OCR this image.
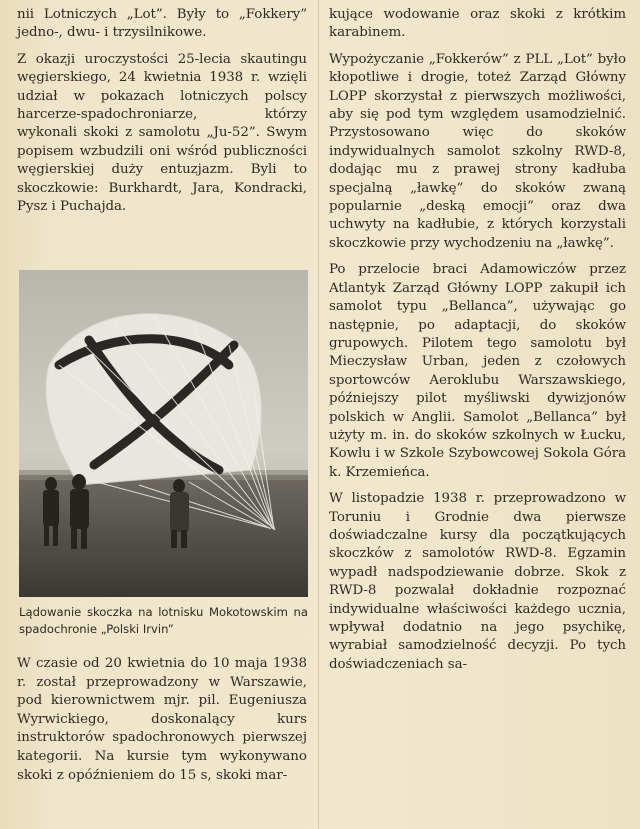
nii Lotniczych „Lot”. Były to „Fokkery” jedno-, dwu- i trzysilnikowe.

Z okazji uroczystości 25-lecia skautingu węgierskiego, 24 kwietnia 1938 r. wzięli udział w pokazach lotniczych polscy harcerze-spadochroniarze, którzy wykonali skoki z samolotu „Ju-52”. Swym popisem wzbudzili oni wśród publiczności węgierskiej duży entuzjazm. Byli to skoczkowie: Burkhardt, Jara, Kondracki, Pysz i Puchajda.

Lądowanie skoczka na lotnisku Mokotowskim na spadochronie „Polski Irvin”

W czasie od 20 kwietnia do 10 maja 1938 r. został przeprowadzony w Warszawie, pod kierownictwem mjr. pil. Eugeniusza Wyrwickiego, doskonalący kurs instruktorów spadochronowych pierwszej kategorii. Na kursie tym wykonywano skoki z opóźnieniem do 15 s, skoki mar-

kujące wodowanie oraz skoki z krótkim karabinem.

Wypożyczanie „Fokkerów” z PLL „Lot” było kłopotliwe i drogie, toteż Zarząd Główny LOPP skorzystał z pierwszych możliwości, aby się pod tym względem usamodzielnić. Przystosowano więc do skoków indywidualnych samolot szkolny RWD-8, dodając mu z prawej strony kadłuba specjalną „ławkę” do skoków zwaną popularnie „deską emocji” oraz dwa uchwyty na kadłubie, z których korzystali skoczkowie przy wychodzeniu na „ławkę”.

Po przelocie braci Adamowiczów przez Atlantyk Zarząd Główny LOPP zakupił ich samolot typu „Bellanca”, używając go następnie, po adaptacji, do skoków grupowych. Pilotem tego samolotu był Mieczysław Urban, jeden z czołowych sportowców Aeroklubu Warszawskiego, późniejszy pilot myśliwski dywizjonów polskich w Anglii. Samolot „Bellanca” był użyty m. in. do skoków szkolnych w Łucku, Kowlu i w Szkole Szybowcowej Sokola Góra k. Krzemieńca.

W listopadzie 1938 r. przeprowadzono w Toruniu i Grodnie dwa pierwsze doświadczalne kursy dla początkujących skoczków z samolotów RWD-8. Egzamin wypadł nadspodziewanie dobrze. Skok z RWD-8 pozwalał dokładnie rozpoznać indywidualne właściwości każdego ucznia, wpływał dodatnio na jego psychikę, wyrabiał samodzielność decyzji. Po tych doświadczeniach sa-
